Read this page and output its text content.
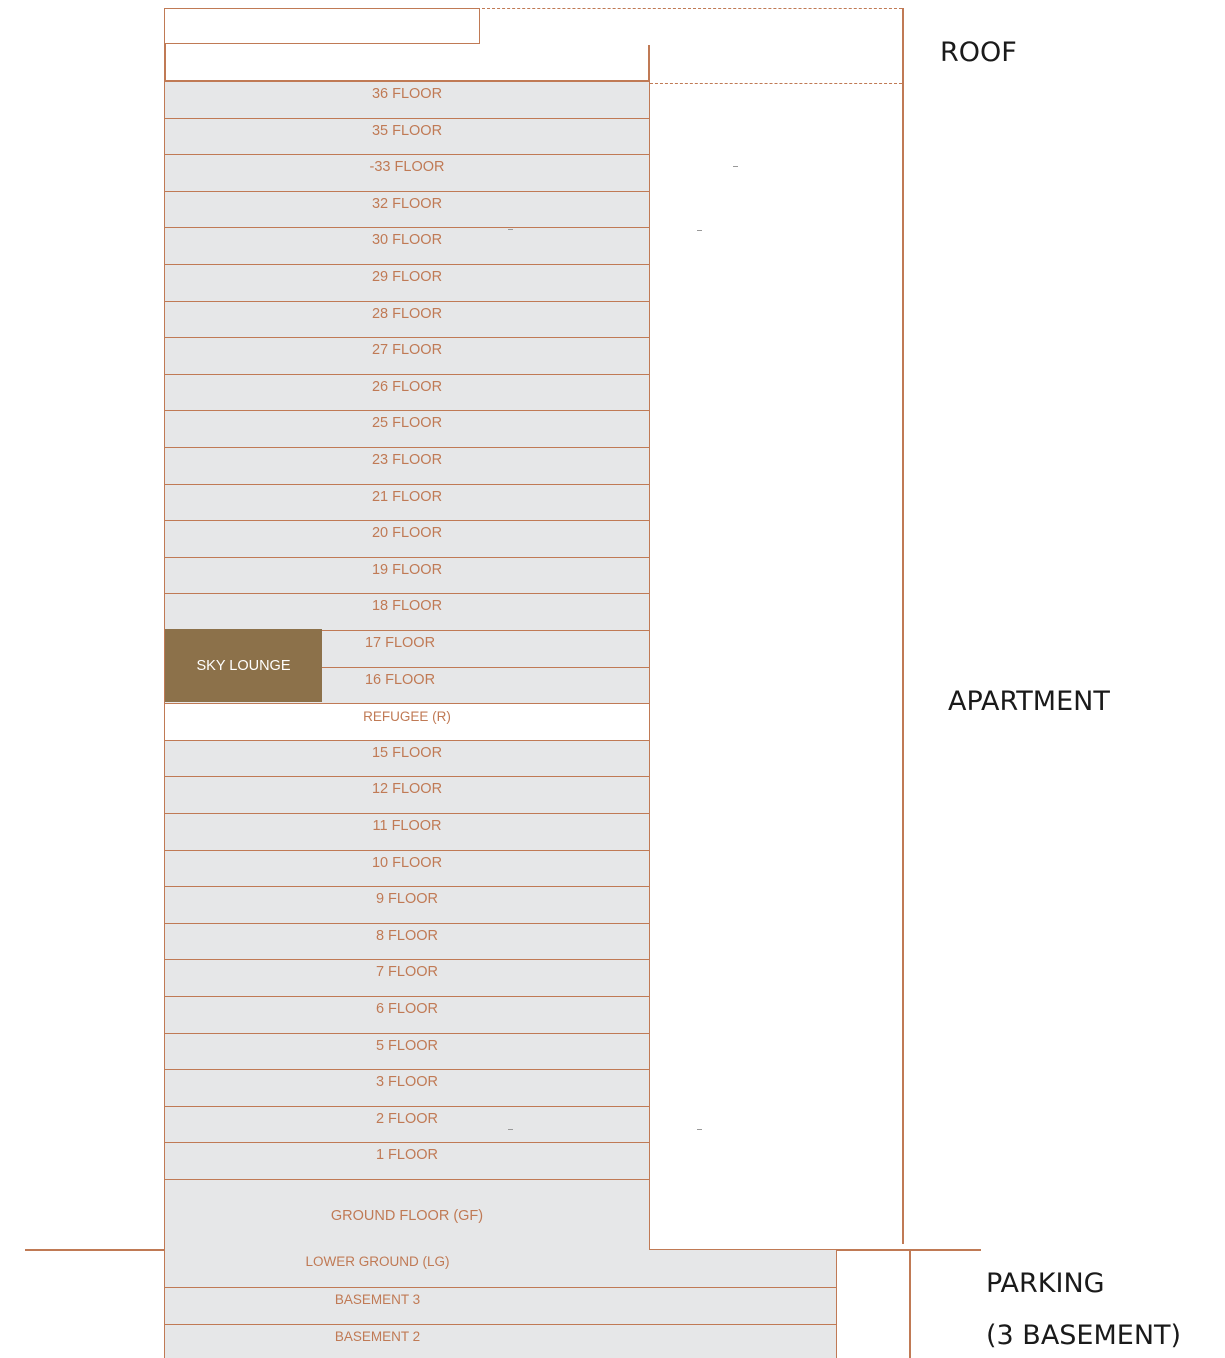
36 FLOOR
35 FLOOR
-33 FLOOR
32 FLOOR
30 FLOOR
29 FLOOR
28 FLOOR
27 FLOOR
26 FLOOR
25 FLOOR
23 FLOOR
21 FLOOR
20 FLOOR
19 FLOOR
18 FLOOR
17 FLOOR
16 FLOOR
REFUGEE (R)
15 FLOOR
12 FLOOR
11 FLOOR
10 FLOOR
9 FLOOR
8 FLOOR
7 FLOOR
6 FLOOR
5 FLOOR
3 FLOOR
2 FLOOR
1 FLOOR
GROUND FLOOR (GF)
LOWER GROUND (LG)
BASEMENT 3
BASEMENT 2
SKY LOUNGE
ROOF
APARTMENT
PARKING
(3 BASEMENT)
